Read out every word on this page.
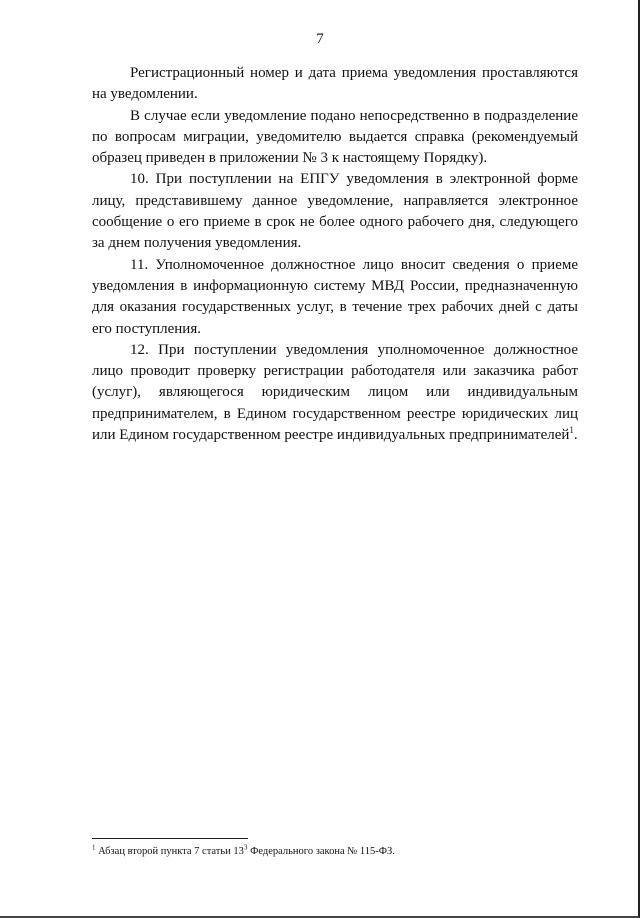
7

Регистрационный номер и дата приема уведомления проставляются на уведомлении.

В случае если уведомление подано непосредственно в подразделение по вопросам миграции, уведомителю выдается справка (рекомендуемый образец приведен в приложении № 3 к настоящему Порядку).

10. При поступлении на ЕПГУ уведомления в электронной форме лицу, представившему данное уведомление, направляется электронное сообщение о его приеме в срок не более одного рабочего дня, следующего за днем получения уведомления.

11. Уполномоченное должностное лицо вносит сведения о приеме уведомления в информационную систему МВД России, предназначенную для оказания государственных услуг, в течение трех рабочих дней с даты его поступления.

12. При поступлении уведомления уполномоченное должностное лицо проводит проверку регистрации работодателя или заказчика работ (услуг), являющегося юридическим лицом или индивидуальным предпринимателем, в Едином государственном реестре юридических лиц или Едином государственном реестре индивидуальных предпринимателей$^1$.

$^1$ Абзац второй пункта 7 статьи $13^3$ Федерального закона № 115-ФЗ.
